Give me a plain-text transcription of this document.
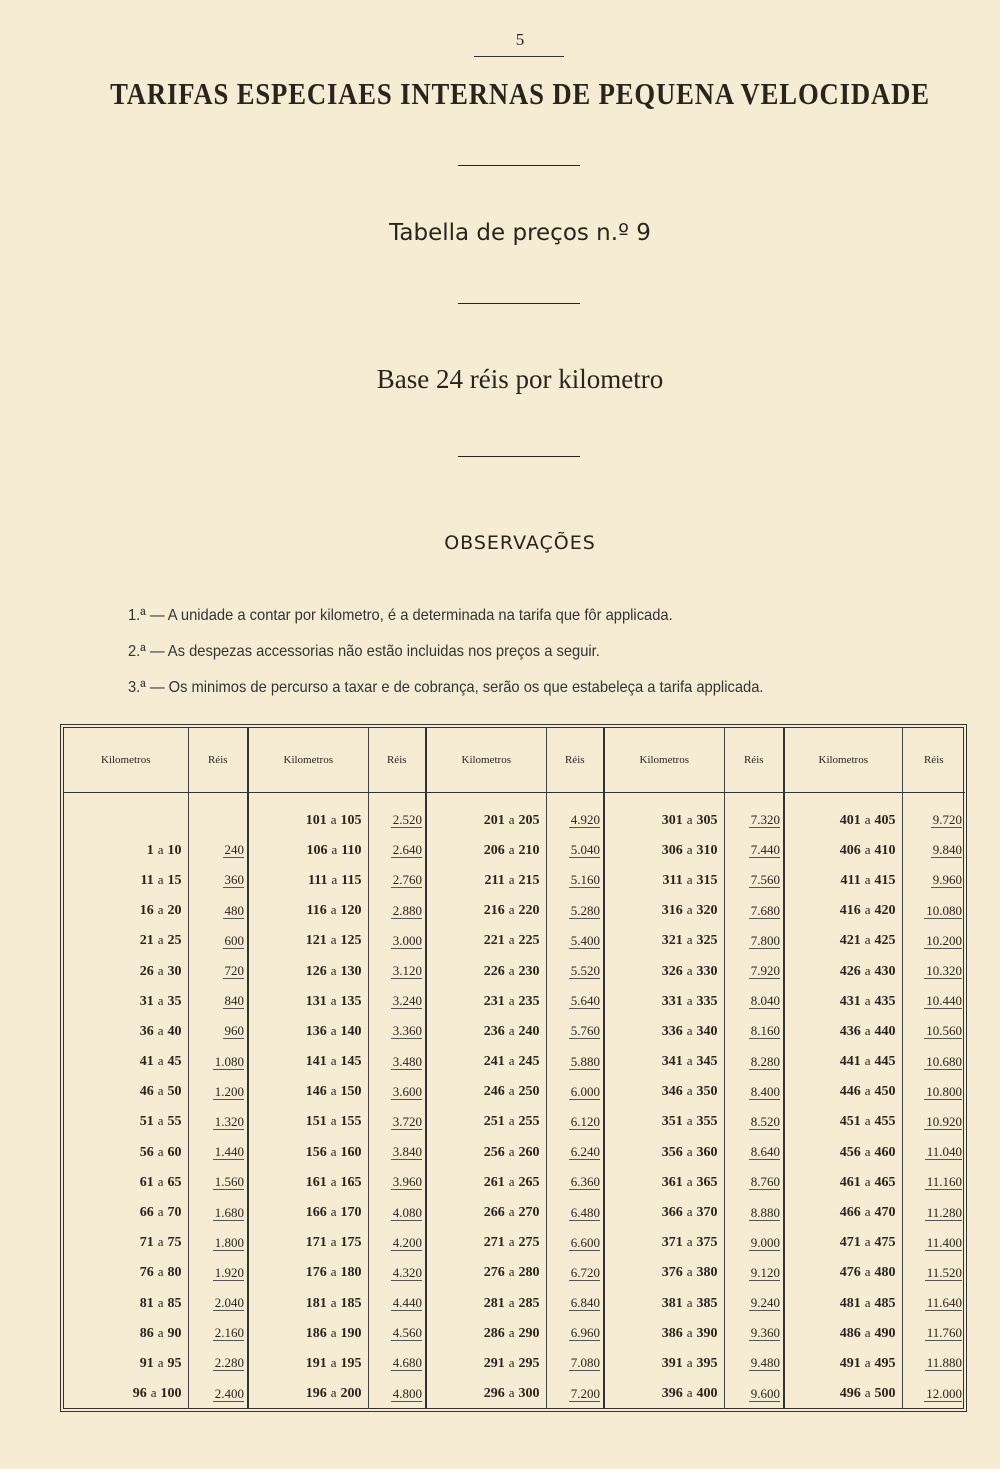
5
TARIFAS ESPECIAES INTERNAS DE PEQUENA VELOCIDADE
Tabella de preços n.º 9
Base 24 réis por kilometro
OBSERVAÇÕES
1.ª — A unidade a contar por kilometro, é a determinada na tarifa que fôr applicada.
2.ª — As despezas accessorias não estão incluidas nos preços a seguir.
3.ª — Os minimos de percurso a taxar e de cobrança, serão os que estabeleça a tarifa applicada.
Kilometros	Réis	Kilometros	Réis	Kilometros	Réis	Kilometros	Réis	Kilometros	Réis

		101 a 105	2.520	201 a 205	4.920	301 a 305	7.320	401 a 405	9.720
1 a 10	240	106 a 110	2.640	206 a 210	5.040	306 a 310	7.440	406 a 410	9.840
11 a 15	360	111 a 115	2.760	211 a 215	5.160	311 a 315	7.560	411 a 415	9.960
16 a 20	480	116 a 120	2.880	216 a 220	5.280	316 a 320	7.680	416 a 420	10.080
21 a 25	600	121 a 125	3.000	221 a 225	5.400	321 a 325	7.800	421 a 425	10.200
26 a 30	720	126 a 130	3.120	226 a 230	5.520	326 a 330	7.920	426 a 430	10.320
31 a 35	840	131 a 135	3.240	231 a 235	5.640	331 a 335	8.040	431 a 435	10.440
36 a 40	960	136 a 140	3.360	236 a 240	5.760	336 a 340	8.160	436 a 440	10.560
41 a 45	1.080	141 a 145	3.480	241 a 245	5.880	341 a 345	8.280	441 a 445	10.680
46 a 50	1.200	146 a 150	3.600	246 a 250	6.000	346 a 350	8.400	446 a 450	10.800
51 a 55	1.320	151 a 155	3.720	251 a 255	6.120	351 a 355	8.520	451 a 455	10.920
56 a 60	1.440	156 a 160	3.840	256 a 260	6.240	356 a 360	8.640	456 a 460	11.040
61 a 65	1.560	161 a 165	3.960	261 a 265	6.360	361 a 365	8.760	461 a 465	11.160
66 a 70	1.680	166 a 170	4.080	266 a 270	6.480	366 a 370	8.880	466 a 470	11.280
71 a 75	1.800	171 a 175	4.200	271 a 275	6.600	371 a 375	9.000	471 a 475	11.400
76 a 80	1.920	176 a 180	4.320	276 a 280	6.720	376 a 380	9.120	476 a 480	11.520
81 a 85	2.040	181 a 185	4.440	281 a 285	6.840	381 a 385	9.240	481 a 485	11.640
86 a 90	2.160	186 a 190	4.560	286 a 290	6.960	386 a 390	9.360	486 a 490	11.760
91 a 95	2.280	191 a 195	4.680	291 a 295	7.080	391 a 395	9.480	491 a 495	11.880
96 a 100	2.400	196 a 200	4.800	296 a 300	7.200	396 a 400	9.600	496 a 500	12.000
